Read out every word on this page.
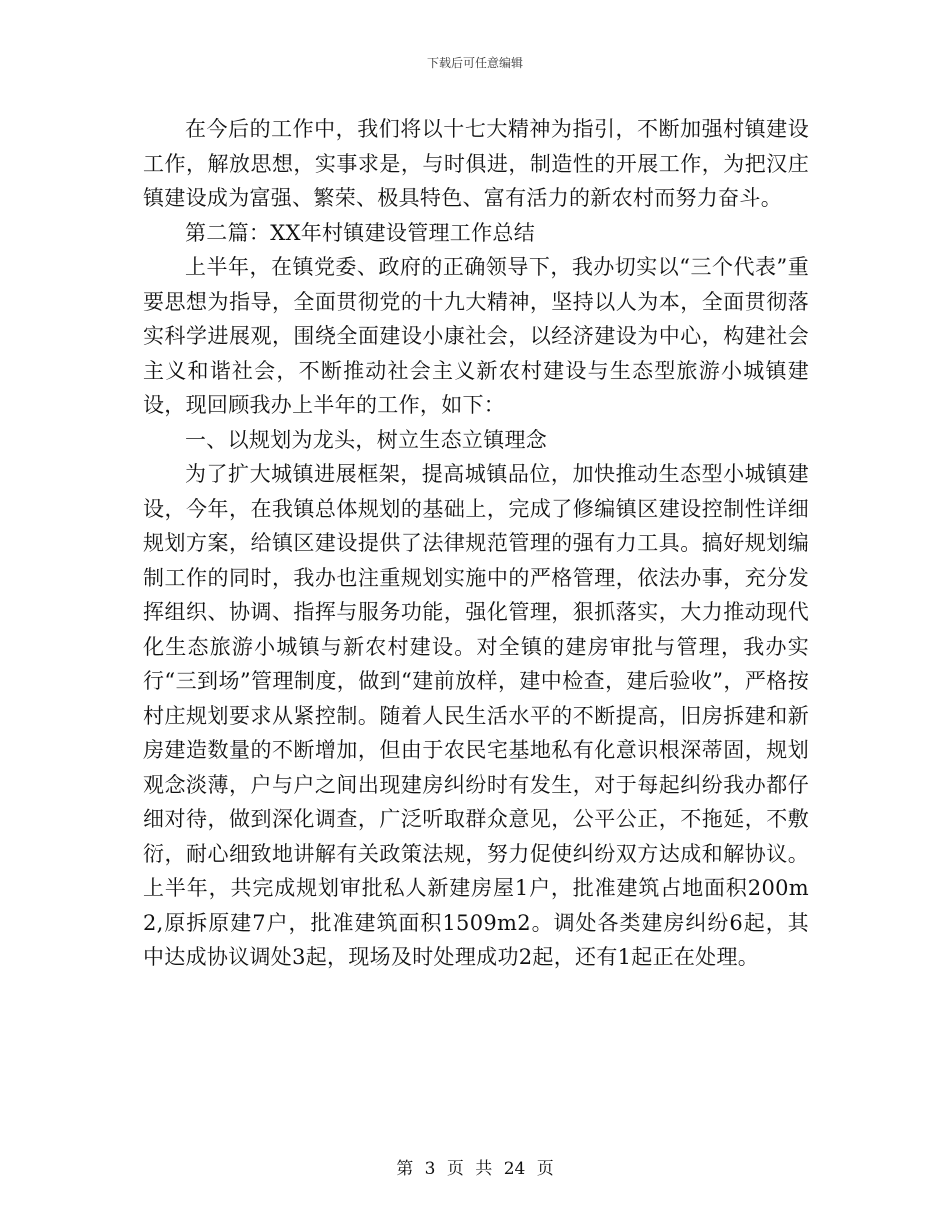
下载后可任意编辑

在今后的工作中，我们将以十七大精神为指引，不断加强村镇建设工作，解放思想，实事求是，与时俱进，制造性的开展工作，为把汉庄镇建设成为富强、繁荣、极具特色、富有活力的新农村而努力奋斗。

第二篇：XX年村镇建设管理工作总结

上半年，在镇党委、政府的正确领导下，我办切实以“三个代表”重要思想为指导，全面贯彻党的十九大精神，坚持以人为本，全面贯彻落实科学进展观，围绕全面建设小康社会，以经济建设为中心，构建社会主义和谐社会，不断推动社会主义新农村建设与生态型旅游小城镇建设，现回顾我办上半年的工作，如下：

一、以规划为龙头，树立生态立镇理念

为了扩大城镇进展框架，提高城镇品位，加快推动生态型小城镇建设，今年，在我镇总体规划的基础上，完成了修编镇区建设控制性详细规划方案，给镇区建设提供了法律规范管理的强有力工具。搞好规划编制工作的同时，我办也注重规划实施中的严格管理，依法办事，充分发挥组织、协调、指挥与服务功能，强化管理，狠抓落实，大力推动现代化生态旅游小城镇与新农村建设。对全镇的建房审批与管理，我办实行“三到场”管理制度，做到“建前放样，建中检查，建后验收”，严格按村庄规划要求从紧控制。随着人民生活水平的不断提高，旧房拆建和新房建造数量的不断增加，但由于农民宅基地私有化意识根深蒂固，规划观念淡薄，户与户之间出现建房纠纷时有发生，对于每起纠纷我办都仔细对待，做到深化调查，广泛听取群众意见，公平公正，不拖延，不敷衍，耐心细致地讲解有关政策法规，努力促使纠纷双方达成和解协议。上半年，共完成规划审批私人新建房屋1户，批准建筑占地面积200m2,原拆原建7户，批准建筑面积1509m2。调处各类建房纠纷6起，其中达成协议调处3起，现场及时处理成功2起，还有1起正在处理。

第 3 页 共 24 页
